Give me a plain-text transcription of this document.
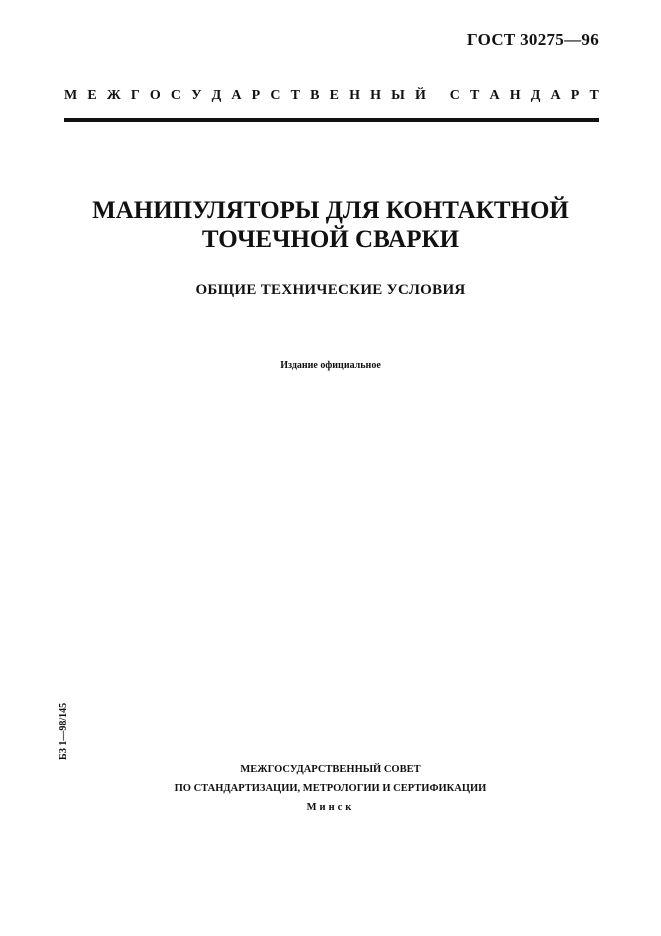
ГОСТ 30275—96
М Е Ж Г О С У Д А Р С Т В Е Н Н Ы Й
С Т А Н Д А Р Т
МАНИПУЛЯТОРЫ ДЛЯ КОНТАКТНОЙ
ТОЧЕЧНОЙ СВАРКИ
ОБЩИЕ ТЕХНИЧЕСКИЕ УСЛОВИЯ
Издание официальное
БЗ 1—98/145
МЕЖГОСУДАРСТВЕННЫЙ СОВЕТ
ПО СТАНДАРТИЗАЦИИ, МЕТРОЛОГИИ И СЕРТИФИКАЦИИ
Минск
